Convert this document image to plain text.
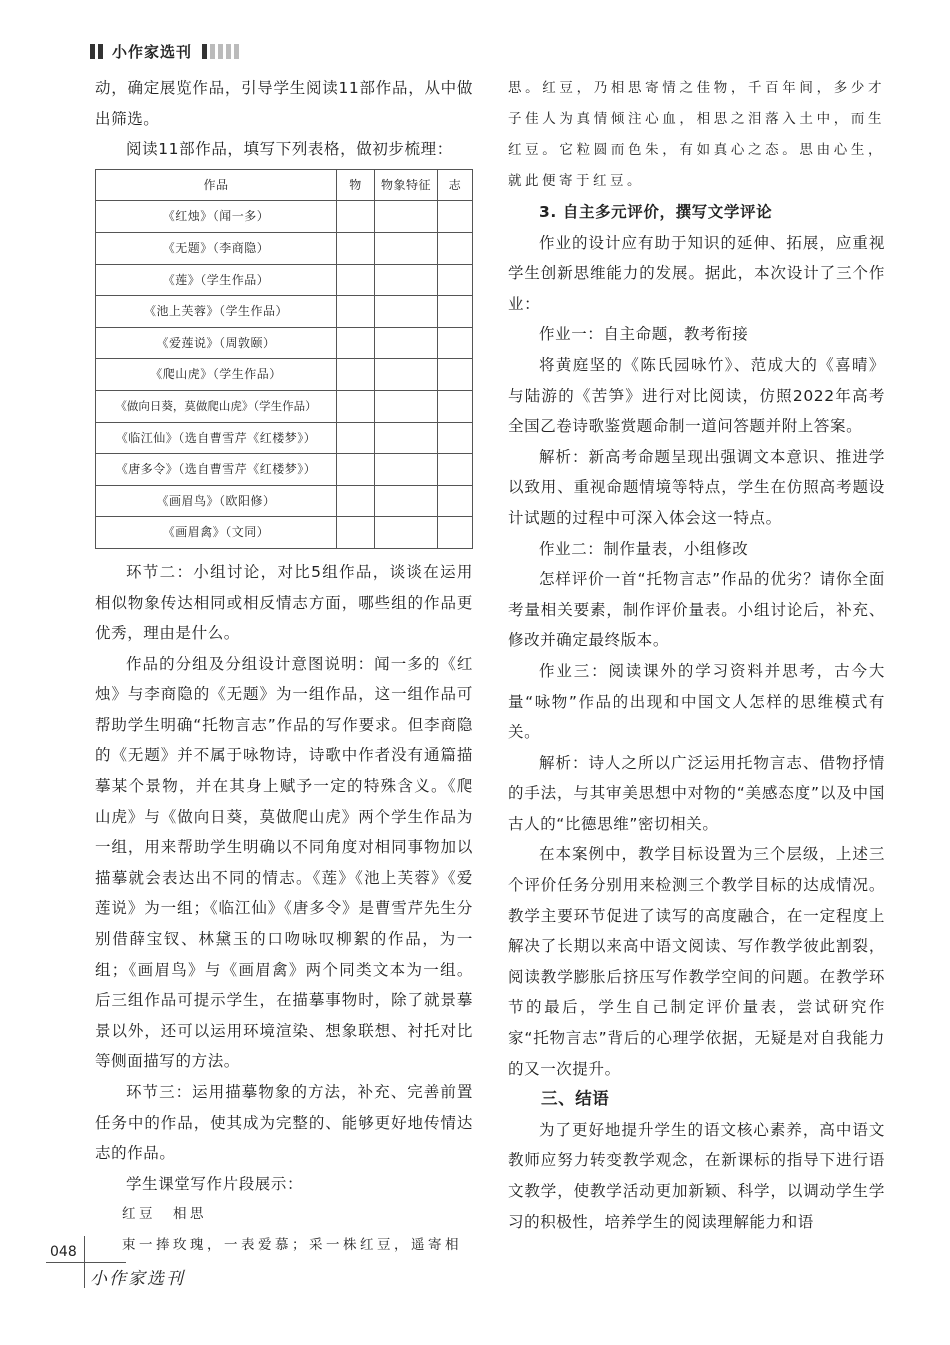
小作家选刊

动，确定展览作品，引导学生阅读11部作品，从中做出筛选。

阅读11部作品，填写下列表格，做初步梳理：

作品	物	物象特征	志
《红烛》（闻一多）			
《无题》（李商隐）			
《莲》（学生作品）			
《池上芙蓉》（学生作品）			
《爱莲说》（周敦颐）			
《爬山虎》（学生作品）			
《做向日葵，莫做爬山虎》（学生作品）			
《临江仙》（选自曹雪芹《红楼梦》）			
《唐多令》（选自曹雪芹《红楼梦》）			
《画眉鸟》（欧阳修）			
《画眉禽》（文同）			

环节二：小组讨论，对比5组作品，谈谈在运用相似物象传达相同或相反情志方面，哪些组的作品更优秀，理由是什么。

作品的分组及分组设计意图说明：闻一多的《红烛》与李商隐的《无题》为一组作品，这一组作品可帮助学生明确“托物言志”作品的写作要求。但李商隐的《无题》并不属于咏物诗，诗歌中作者没有通篇描摹某个景物，并在其身上赋予一定的特殊含义。《爬山虎》与《做向日葵，莫做爬山虎》两个学生作品为一组，用来帮助学生明确以不同角度对相同事物加以描摹就会表达出不同的情志。《莲》《池上芙蓉》《爱莲说》为一组；《临江仙》《唐多令》是曹雪芹先生分别借薛宝钗、林黛玉的口吻咏叹柳絮的作品，为一组；《画眉鸟》与《画眉禽》两个同类文本为一组。后三组作品可提示学生，在描摹事物时，除了就景摹景以外，还可以运用环境渲染、想象联想、衬托对比等侧面描写的方法。

环节三：运用描摹物象的方法，补充、完善前置任务中的作品，使其成为完整的、能够更好地传情达志的作品。

学生课堂写作片段展示：

红豆　相思

束一捧玫瑰，一表爱慕；采一株红豆，遥寄相

思。红豆，乃相思寄情之佳物，千百年间，多少才子佳人为真情倾注心血，相思之泪落入土中，而生红豆。它粒圆而色朱，有如真心之态。思由心生，就此便寄于红豆。

3. 自主多元评价，撰写文学评论

作业的设计应有助于知识的延伸、拓展，应重视学生创新思维能力的发展。据此，本次设计了三个作业：

作业一：自主命题，教考衔接

将黄庭坚的《陈氏园咏竹》、范成大的《喜晴》与陆游的《苦笋》进行对比阅读，仿照2022年高考全国乙卷诗歌鉴赏题命制一道问答题并附上答案。

解析：新高考命题呈现出强调文本意识、推进学以致用、重视命题情境等特点，学生在仿照高考题设计试题的过程中可深入体会这一特点。

作业二：制作量表，小组修改

怎样评价一首“托物言志”作品的优劣？请你全面考量相关要素，制作评价量表。小组讨论后，补充、修改并确定最终版本。

作业三：阅读课外的学习资料并思考，古今大量“咏物”作品的出现和中国文人怎样的思维模式有关。

解析：诗人之所以广泛运用托物言志、借物抒情的手法，与其审美思想中对物的“美感态度”以及中国古人的“比德思维”密切相关。

在本案例中，教学目标设置为三个层级，上述三个评价任务分别用来检测三个教学目标的达成情况。教学主要环节促进了读写的高度融合，在一定程度上解决了长期以来高中语文阅读、写作教学彼此割裂，阅读教学膨胀后挤压写作教学空间的问题。在教学环节的最后，学生自己制定评价量表，尝试研究作家“托物言志”背后的心理学依据，无疑是对自我能力的又一次提升。

三、结语

为了更好地提升学生的语文核心素养，高中语文教师应努力转变教学观念，在新课标的指导下进行语文教学，使教学活动更加新颖、科学，以调动学生学习的积极性，培养学生的阅读理解能力和语

048
小作家选刊
